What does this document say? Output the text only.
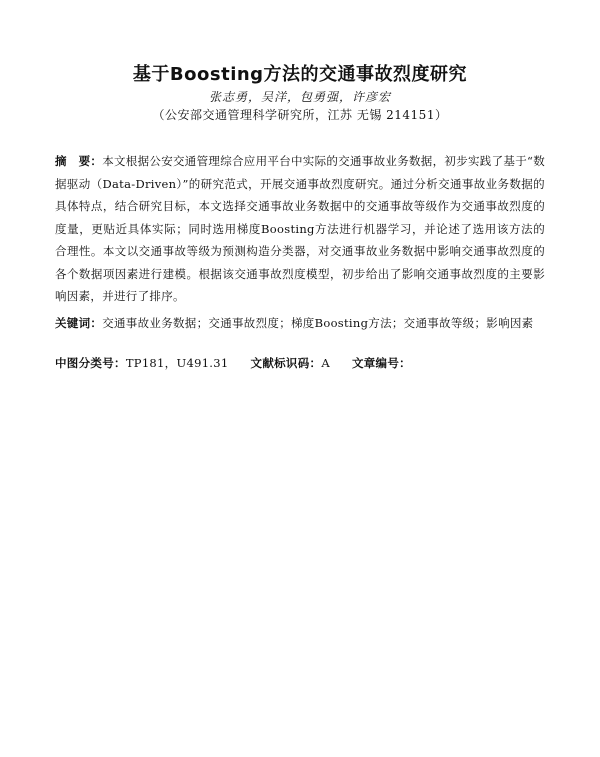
基于Boosting方法的交通事故烈度研究
张志勇，吴洋，包勇强，许彦宏
（公安部交通管理科学研究所，江苏 无锡 214151）
摘　要：本文根据公安交通管理综合应用平台中实际的交通事故业务数据，初步实践了基于“数据驱动（Data-Driven）”的研究范式，开展交通事故烈度研究。通过分析交通事故业务数据的具体特点，结合研究目标，本文选择交通事故业务数据中的交通事故等级作为交通事故烈度的度量，更贴近具体实际；同时选用梯度Boosting方法进行机器学习，并论述了选用该方法的合理性。本文以交通事故等级为预测构造分类器，对交通事故业务数据中影响交通事故烈度的各个数据项因素进行建模。根据该交通事故烈度模型，初步给出了影响交通事故烈度的主要影响因素，并进行了排序。
关键词：交通事故业务数据；交通事故烈度；梯度Boosting方法；交通事故等级；影响因素
中图分类号：TP181，U491.31 文献标识码：A 文章编号：
